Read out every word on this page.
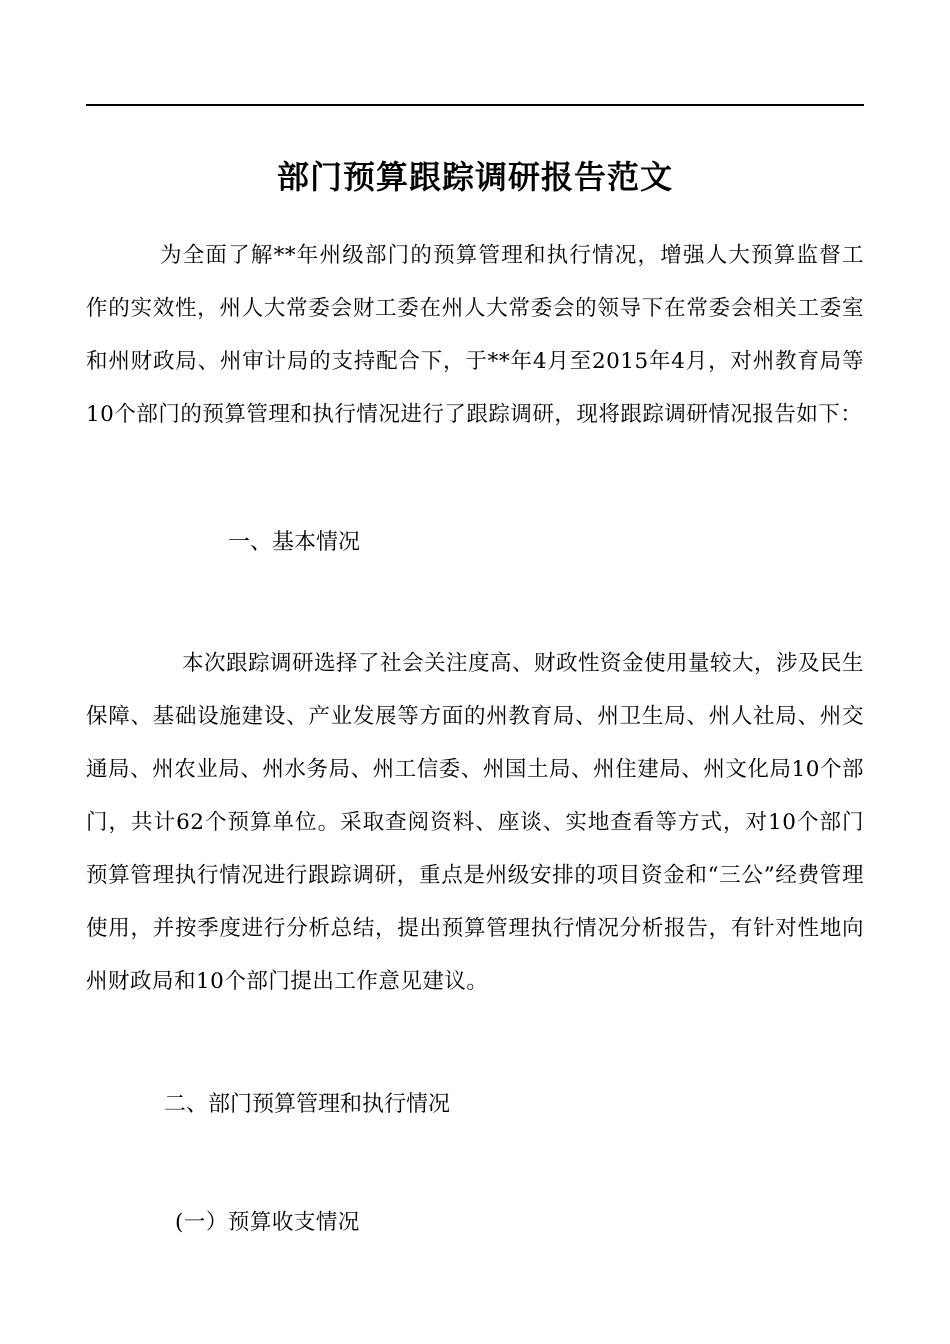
部门预算跟踪调研报告范文

为全面了解**年州级部门的预算管理和执行情况，增强人大预算监督工作的实效性，州人大常委会财工委在州人大常委会的领导下在常委会相关工委室和州财政局、州审计局的支持配合下，于**年4月至2015年4月，对州教育局等10个部门的预算管理和执行情况进行了跟踪调研，现将跟踪调研情况报告如下：

一、基本情况

本次跟踪调研选择了社会关注度高、财政性资金使用量较大，涉及民生保障、基础设施建设、产业发展等方面的州教育局、州卫生局、州人社局、州交通局、州农业局、州水务局、州工信委、州国土局、州住建局、州文化局10个部门，共计62个预算单位。采取查阅资料、座谈、实地查看等方式，对10个部门预算管理执行情况进行跟踪调研，重点是州级安排的项目资金和“三公”经费管理使用，并按季度进行分析总结，提出预算管理执行情况分析报告，有针对性地向州财政局和10个部门提出工作意见建议。

二、部门预算管理和执行情况
(一）预算收支情况
